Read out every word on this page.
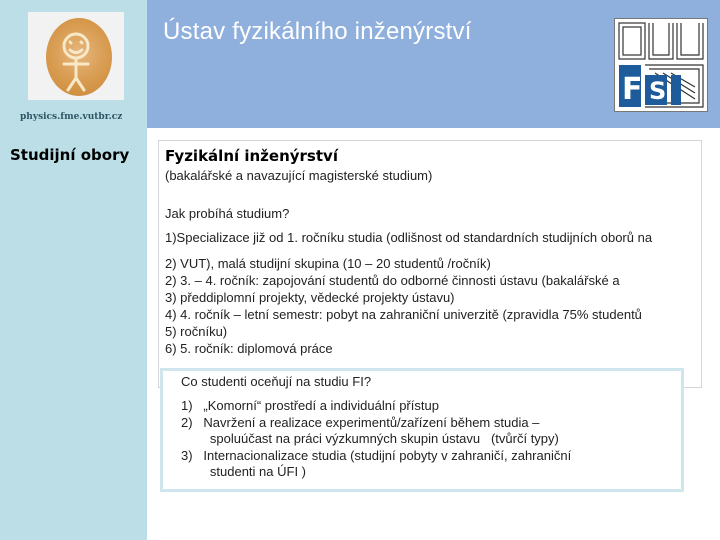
physics.fme.vutbr.cz
Ústav fyzikálního inženýrství
F S
Studijní obory Fyzikální inženýrství
(bakalářské a navazující magisterské studium)
Jak probíhá studium?
1)Specializace již od 1. ročníku studia (odlišnost od standardních studijních oborů na
2) VUT), malá studijní skupina (10 – 20 studentů /ročník)
2) 3. – 4. ročník: zapojování studentů do odborné činnosti ústavu (bakalářské a
3) předdiplomní projekty, vědecké projekty ústavu)
4) 4. ročník – letní semestr: pobyt na zahraniční univerzitě (zpravidla 75% studentů
5) ročníku)
6) 5. ročník: diplomová práce
Co studenti oceňují na studiu FI?
1)   „Komorní“ prostředí a individuální přístup
2)   Navržení a realizace experimentů/zařízení během studia –
spoluúčast na práci výzkumných skupin ústavu   (tvůrčí typy)
3)   Internacionalizace studia (studijní pobyty v zahraničí, zahraniční
studenti na ÚFI )
